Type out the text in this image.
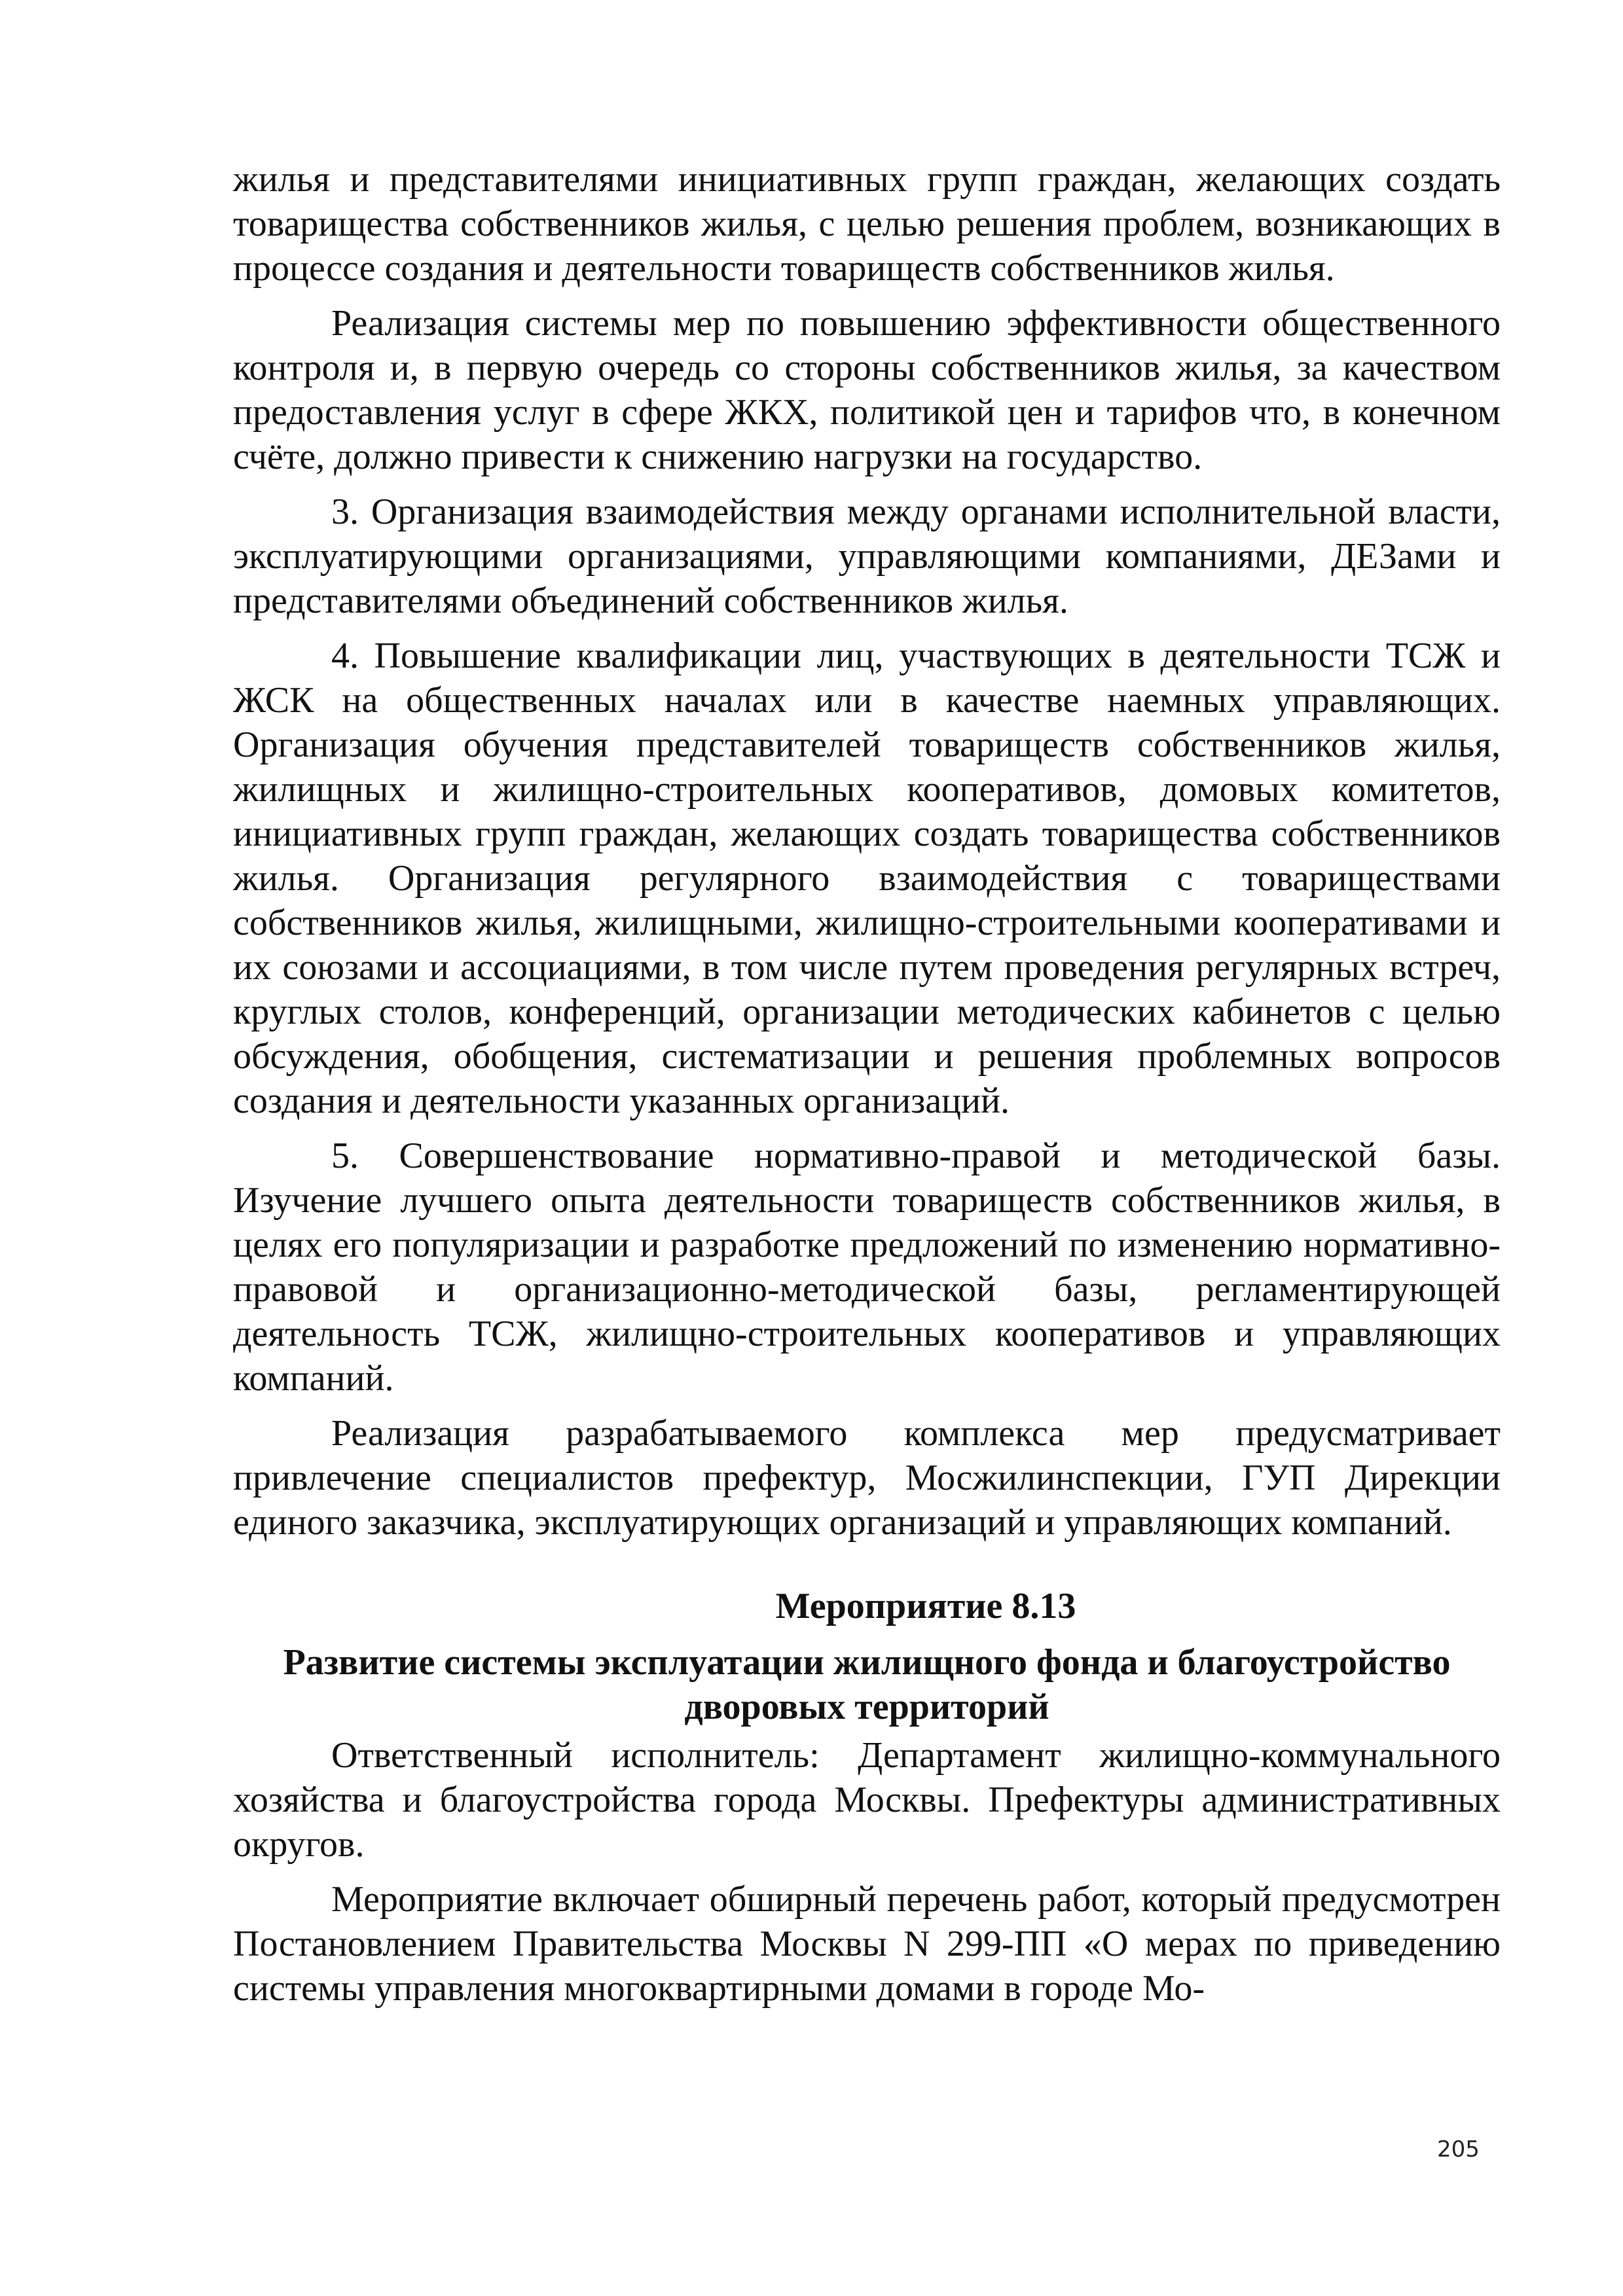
жилья и представителями инициативных групп граждан, желающих создать товарищества собственников жилья, с целью решения проблем, возникающих в процессе создания и деятельности товариществ собственников жилья.

Реализация системы мер по повышению эффективности общественного контроля и, в первую очередь со стороны собственников жилья, за качеством предоставления услуг в сфере ЖКХ, политикой цен и тарифов что, в конечном счёте, должно привести к снижению нагрузки на государство.

3. Организация взаимодействия между органами исполнительной власти, эксплуатирующими организациями, управляющими компаниями, ДЕЗами и представителями объединений собственников жилья.

4. Повышение квалификации лиц, участвующих в деятельности ТСЖ и ЖСК на общественных началах или в качестве наемных управляющих. Организация обучения представителей товариществ собственников жилья, жилищных и жилищно-строительных кооперативов, домовых комитетов, инициативных групп граждан, желающих создать товарищества собственников жилья. Организация регулярного взаимодействия с товариществами собственников жилья, жилищными, жилищно-строительными кооперативами и их союзами и ассоциациями, в том числе путем проведения регулярных встреч, круглых столов, конференций, организации методических кабинетов с целью обсуждения, обобщения, систематизации и решения проблемных вопросов создания и деятельности указанных организаций.

5. Совершенствование нормативно-правой и методической базы. Изучение лучшего опыта деятельности товариществ собственников жилья, в целях его популяризации и разработке предложений по изменению нормативно-правовой и организационно-методической базы, регламентирующей деятельность ТСЖ, жилищно-строительных кооперативов и управляющих компаний.

Реализация разрабатываемого комплекса мер предусматривает привлечение специалистов префектур, Мосжилинспекции, ГУП Дирекции единого заказчика, эксплуатирующих организаций и управляющих компаний.

Мероприятие 8.13

Развитие системы эксплуатации жилищного фонда и благоустройство дворовых территорий

Ответственный исполнитель: Департамент жилищно-коммунального хозяйства и благоустройства города Москвы. Префектуры административных округов.

Мероприятие включает обширный перечень работ, который предусмотрен Постановлением Правительства Москвы N 299-ПП «О мерах по приведению системы управления многоквартирными домами в городе Мо-

205
